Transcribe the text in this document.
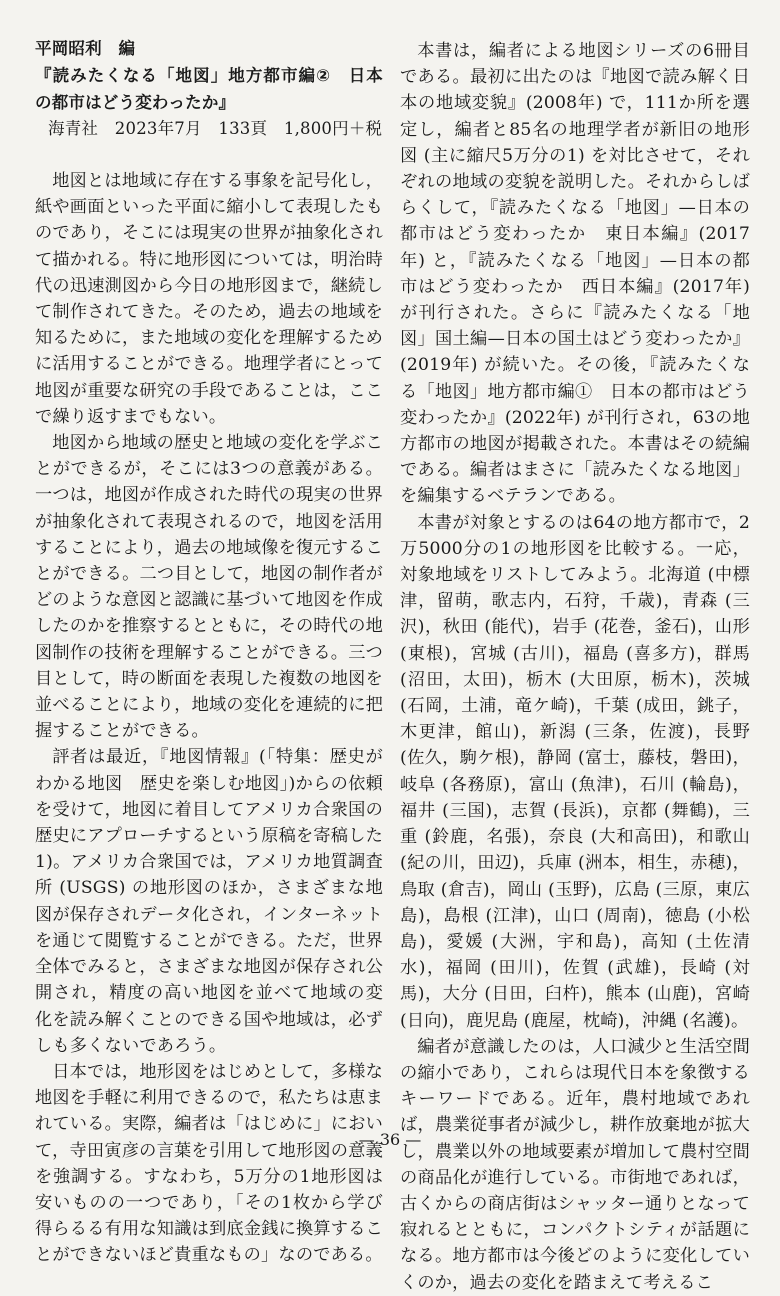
平岡昭利　編
『読みたくなる「地図」地方都市編②　日本の都市はどう変わったか』
海青社　2023年7月　133頁　1,800円＋税

地図とは地域に存在する事象を記号化し，紙や画面といった平面に縮小して表現したものであり，そこには現実の世界が抽象化されて描かれる。特に地形図については，明治時代の迅速測図から今日の地形図まで，継続して制作されてきた。そのため，過去の地域を知るために，また地域の変化を理解するために活用することができる。地理学者にとって地図が重要な研究の手段であることは，ここで繰り返すまでもない。

地図から地域の歴史と地域の変化を学ぶことができるが，そこには3つの意義がある。一つは，地図が作成された時代の現実の世界が抽象化されて表現されるので，地図を活用することにより，過去の地域像を復元することができる。二つ目として，地図の制作者がどのような意図と認識に基づいて地図を作成したのかを推察するとともに，その時代の地図制作の技術を理解することができる。三つ目として，時の断面を表現した複数の地図を並べることにより，地域の変化を連続的に把握することができる。

評者は最近，『地図情報』(「特集：歴史がわかる地図　歴史を楽しむ地図」)からの依頼を受けて，地図に着目してアメリカ合衆国の歴史にアプローチするという原稿を寄稿した1)。アメリカ合衆国では，アメリカ地質調査所 (USGS) の地形図のほか，さまざまな地図が保存されデータ化され，インターネットを通じて閲覧することができる。ただ，世界全体でみると，さまざまな地図が保存され公開され，精度の高い地図を並べて地域の変化を読み解くことのできる国や地域は，必ずしも多くないであろう。

日本では，地形図をはじめとして，多様な地図を手軽に利用できるので，私たちは恵まれている。実際，編者は「はじめに」において，寺田寅彦の言葉を引用して地形図の意義を強調する。すなわち，5万分の1地形図は安いものの一つであり，「その1枚から学び得らるる有用な知識は到底金銭に換算することができないほど貴重なもの」なのである。

本書は，編者による地図シリーズの6冊目である。最初に出たのは『地図で読み解く日本の地域変貌』(2008年) で，111か所を選定し，編者と85名の地理学者が新旧の地形図 (主に縮尺5万分の1) を対比させて，それぞれの地域の変貌を説明した。それからしばらくして，『読みたくなる「地図」—日本の都市はどう変わったか　東日本編』(2017年) と，『読みたくなる「地図」—日本の都市はどう変わったか　西日本編』(2017年) が刊行された。さらに『読みたくなる「地図」国土編—日本の国土はどう変わったか』(2019年) が続いた。その後，『読みたくなる「地図」地方都市編①　日本の都市はどう変わったか』(2022年) が刊行され，63の地方都市の地図が掲載された。本書はその続編である。編者はまさに「読みたくなる地図」を編集するベテランである。

本書が対象とするのは64の地方都市で，2万5000分の1の地形図を比較する。一応，対象地域をリストしてみよう。北海道 (中標津，留萌，歌志内，石狩，千歳)，青森 (三沢)，秋田 (能代)，岩手 (花巻，釜石)，山形 (東根)，宮城 (古川)，福島 (喜多方)，群馬 (沼田，太田)，栃木 (大田原，栃木)，茨城 (石岡，土浦，竜ケ崎)，千葉 (成田，銚子，木更津，館山)，新潟 (三条，佐渡)，長野 (佐久，駒ケ根)，静岡 (富士，藤枝，磐田)，岐阜 (各務原)，富山 (魚津)，石川 (輪島)，福井 (三国)，志賀 (長浜)，京都 (舞鶴)，三重 (鈴鹿，名張)，奈良 (大和高田)，和歌山 (紀の川，田辺)，兵庫 (洲本，相生，赤穂)，鳥取 (倉吉)，岡山 (玉野)，広島 (三原，東広島)，島根 (江津)，山口 (周南)，徳島 (小松島)，愛媛 (大洲，宇和島)，高知 (土佐清水)，福岡 (田川)，佐賀 (武雄)，長崎 (対馬)，大分 (日田，臼杵)，熊本 (山鹿)，宮崎 (日向)，鹿児島 (鹿屋，枕崎)，沖縄 (名護)。

編者が意識したのは，人口減少と生活空間の縮小であり，これらは現代日本を象徴するキーワードである。近年，農村地域であれば，農業従事者が減少し，耕作放棄地が拡大し，農業以外の地域要素が増加して農村空間の商品化が進行している。市街地であれば，古くからの商店街はシャッター通りとなって寂れるとともに，コンパクトシティが話題になる。地方都市は今後どのように変化していくのか，過去の変化を踏まえて考えるこ

— 36 —
